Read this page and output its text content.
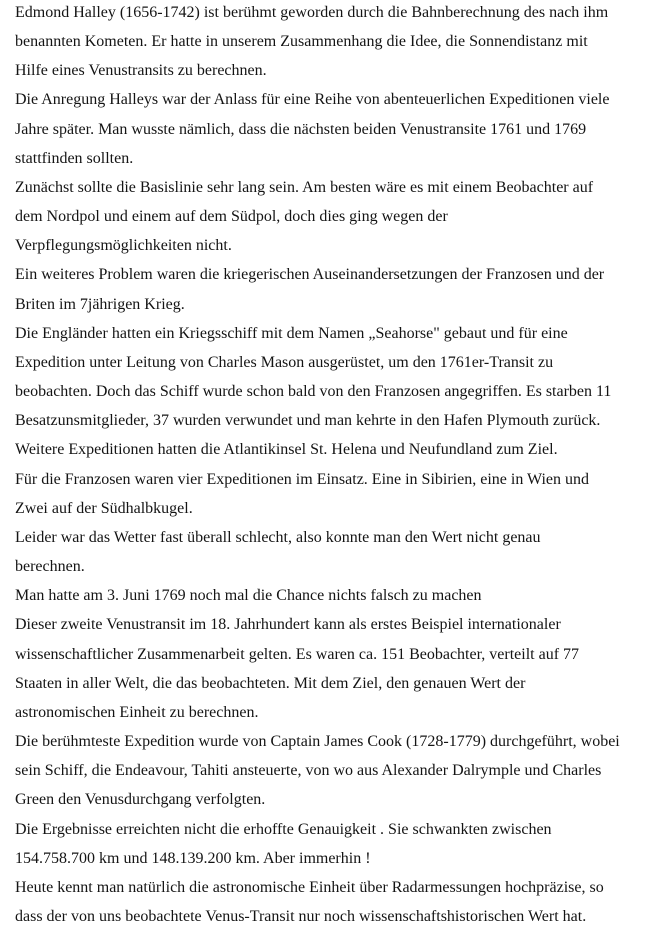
Edmond Halley (1656-1742) ist berühmt geworden durch die Bahnberechnung des nach ihm
benannten Kometen. Er hatte in unserem Zusammenhang die Idee, die Sonnendistanz mit
Hilfe eines Venustransits zu berechnen.
Die Anregung Halleys war der Anlass für eine Reihe von abenteuerlichen Expeditionen viele
Jahre später. Man wusste nämlich, dass die nächsten beiden Venustransite 1761 und 1769
stattfinden sollten.
Zunächst sollte die Basislinie sehr lang sein. Am besten wäre es mit einem Beobachter auf
dem Nordpol und einem auf dem Südpol, doch dies ging wegen der
Verpflegungsmöglichkeiten nicht.
Ein weiteres Problem waren die kriegerischen Auseinandersetzungen der Franzosen und der
Briten im 7jährigen Krieg.
Die Engländer hatten ein Kriegsschiff mit dem Namen „Seahorse" gebaut und für eine
Expedition unter Leitung von Charles Mason ausgerüstet, um den 1761er-Transit zu
beobachten. Doch das Schiff wurde schon bald von den Franzosen angegriffen. Es starben 11
Besatzunsmitglieder, 37 wurden verwundet und man kehrte in den Hafen Plymouth zurück.
Weitere Expeditionen hatten die Atlantikinsel St. Helena und Neufundland zum Ziel.
Für die Franzosen waren vier Expeditionen im Einsatz. Eine in Sibirien, eine in Wien und
Zwei auf der Südhalbkugel.
Leider war das Wetter fast überall schlecht, also konnte man den Wert nicht genau
berechnen.
Man hatte am 3. Juni 1769 noch mal die Chance nichts falsch zu machen
Dieser zweite Venustransit im 18. Jahrhundert kann als erstes Beispiel internationaler
wissenschaftlicher Zusammenarbeit gelten. Es waren ca. 151 Beobachter, verteilt auf 77
Staaten in aller Welt, die das beobachteten. Mit dem Ziel, den genauen Wert der
astronomischen Einheit zu berechnen.
Die berühmteste Expedition wurde von Captain James Cook (1728-1779) durchgeführt, wobei
sein Schiff, die Endeavour, Tahiti ansteuerte, von wo aus Alexander Dalrymple und Charles
Green den Venusdurchgang verfolgten.
Die Ergebnisse erreichten nicht die erhoffte Genauigkeit . Sie schwankten zwischen
154.758.700 km und 148.139.200 km. Aber immerhin !
Heute kennt man natürlich die astronomische Einheit über Radarmessungen hochpräzise, so
dass der von uns beobachtete Venus-Transit nur noch wissenschaftshistorischen Wert hat.
